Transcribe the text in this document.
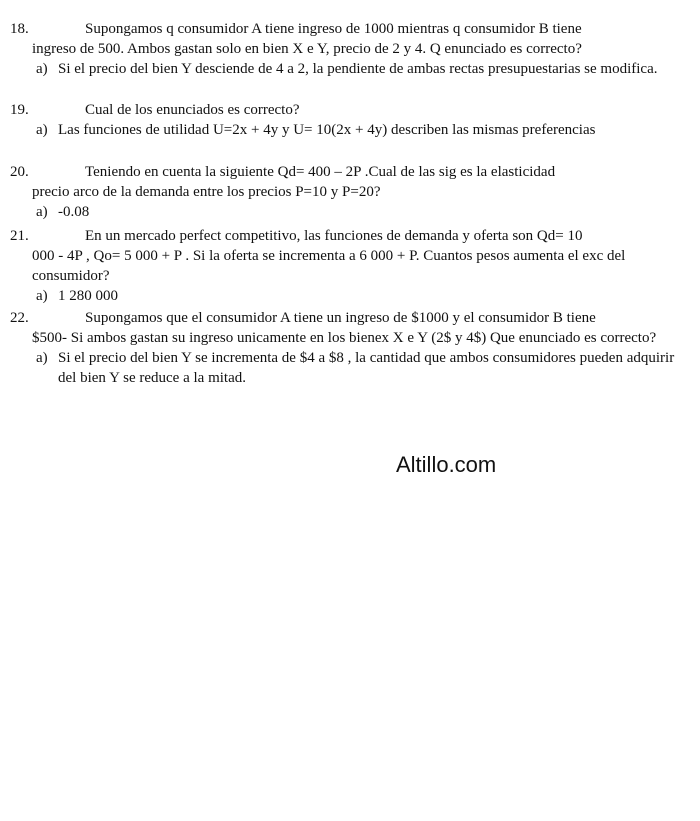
18.	Supongamos q consumidor A tiene ingreso de 1000 mientras q consumidor B tiene

ingreso de 500. Ambos gastan solo en bien X e Y, precio de 2 y 4. Q enunciado es correcto?

a) Si el precio del bien Y desciende de 4 a 2, la pendiente de ambas rectas presupuestarias se modifica.

19.	Cual de los enunciados es correcto?

a) Las funciones de utilidad U=2x + 4y y U= 10(2x + 4y) describen las mismas preferencias

20.	Teniendo en cuenta la siguiente Qd= 400 – 2P .Cual de las sig es la elasticidad

precio arco de la demanda entre los precios P=10 y P=20?

a) -0.08

21.	En un mercado perfect competitivo, las funciones de demanda y oferta son Qd= 10

000 - 4P , Qo= 5 000 + P . Si la oferta se incrementa a 6 000 + P. Cuantos pesos aumenta el exc del consumidor?

a) 1 280 000

22.	Supongamos que el consumidor A tiene un ingreso de $1000 y el consumidor B tiene

$500- Si ambos gastan su ingreso unicamente en los bienex X e Y (2$ y 4$) Que enunciado es correcto?

a) Si el precio del bien Y se incrementa de $4 a $8 , la cantidad que ambos consumidores pueden adquirir del bien Y se reduce a la mitad.

Altillo.com
